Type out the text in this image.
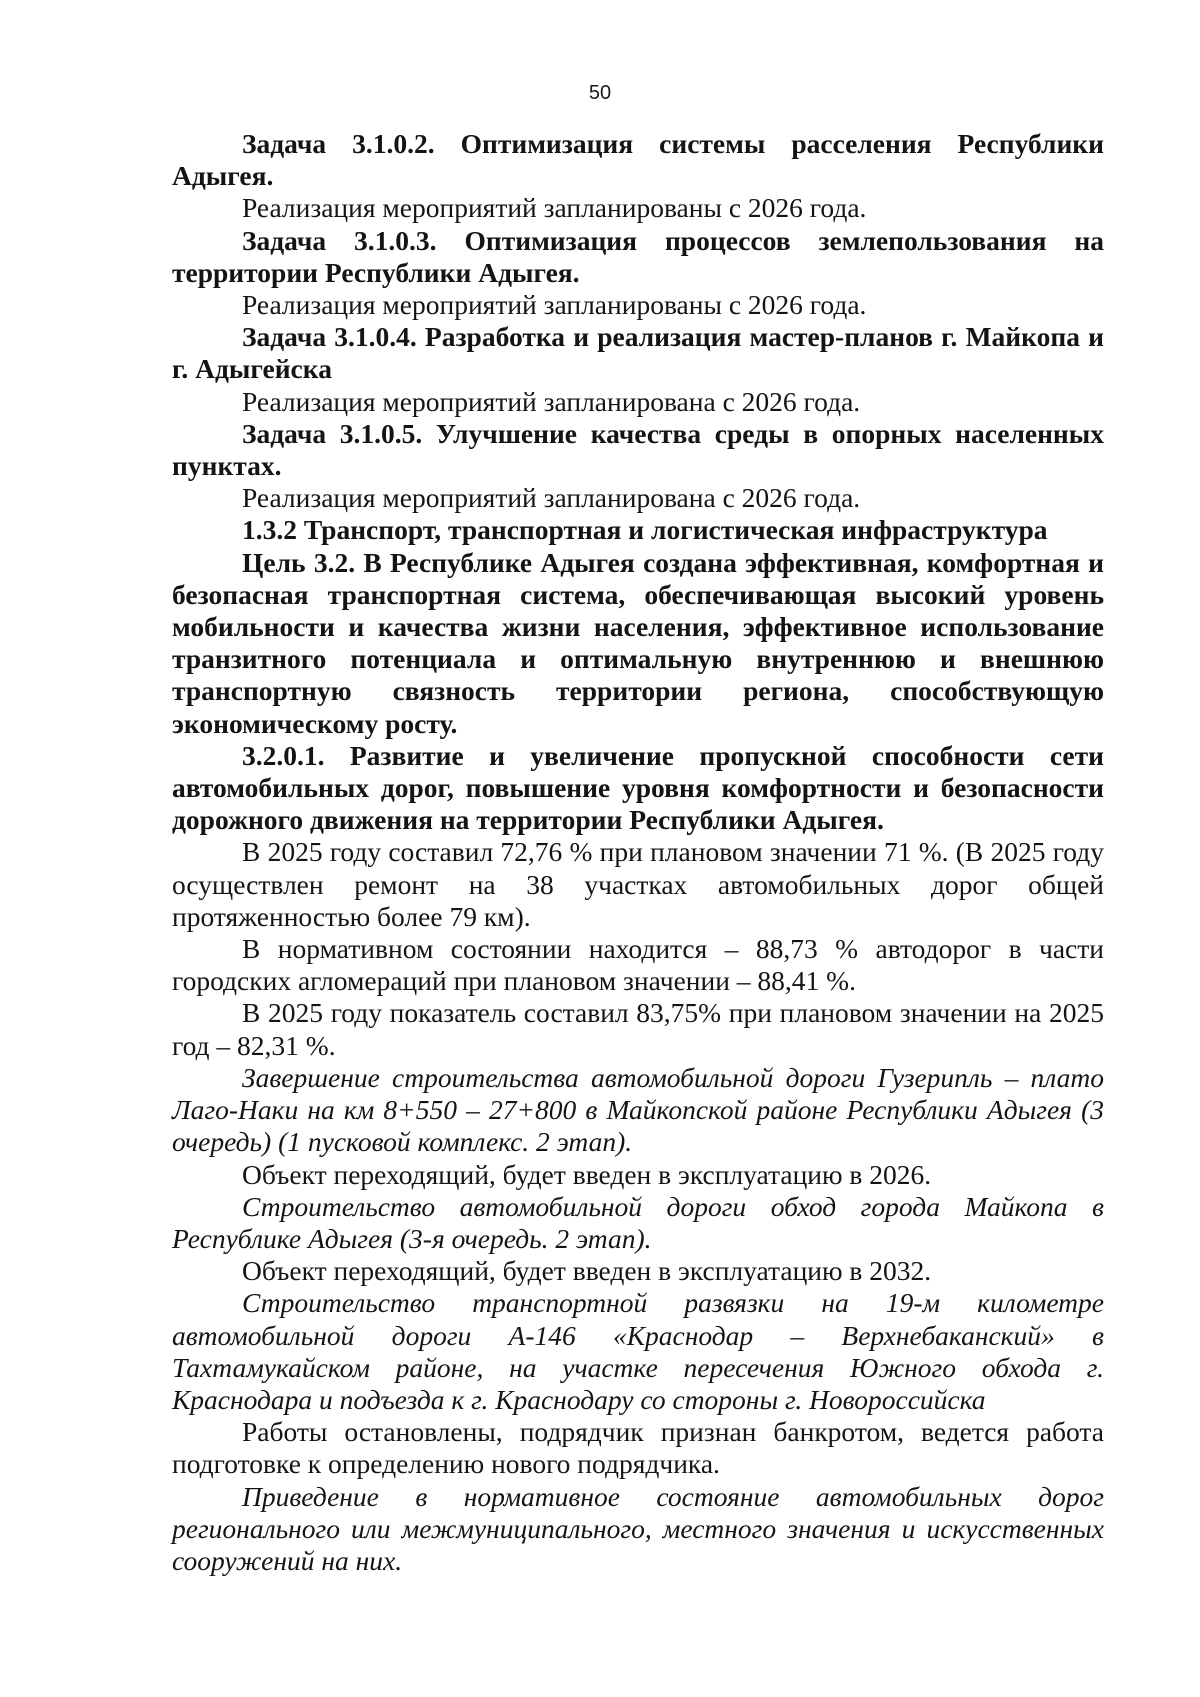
50

Задача 3.1.0.2. Оптимизация системы расселения Республики Адыгея.

Реализация мероприятий запланированы с 2026 года.

Задача 3.1.0.3. Оптимизация процессов землепользования на территории Республики Адыгея.

Реализация мероприятий запланированы с 2026 года.

Задача 3.1.0.4. Разработка и реализация мастер-планов г. Майкопа и г. Адыгейска

Реализация мероприятий запланирована с 2026 года.

Задача 3.1.0.5. Улучшение качества среды в опорных населенных пунктах.

Реализация мероприятий запланирована с 2026 года.

1.3.2 Транспорт, транспортная и логистическая инфраструктура

Цель 3.2. В Республике Адыгея создана эффективная, комфортная и безопасная транспортная система, обеспечивающая высокий уровень мобильности и качества жизни населения, эффективное использование транзитного потенциала и оптимальную внутреннюю и внешнюю транспортную связность территории региона, способствующую экономическому росту.

3.2.0.1. Развитие и увеличение пропускной способности сети автомобильных дорог, повышение уровня комфортности и безопасности дорожного движения на территории Республики Адыгея.

В 2025 году составил 72,76 % при плановом значении 71 %. (В 2025 году осуществлен ремонт на 38 участках автомобильных дорог общей протяженностью более 79 км).

В нормативном состоянии находится – 88,73 % автодорог в части городских агломераций при плановом значении – 88,41 %.

В 2025 году показатель составил 83,75% при плановом значении на 2025 год – 82,31 %.

Завершение строительства автомобильной дороги Гузерипль – плато Лаго-Наки на км 8+550 – 27+800 в Майкопской районе Республики Адыгея (3 очередь) (1 пусковой комплекс. 2 этап).

Объект переходящий, будет введен в эксплуатацию в 2026.

Строительство автомобильной дороги обход города Майкопа в Республике Адыгея (3-я очередь. 2 этап).

Объект переходящий, будет введен в эксплуатацию в 2032.

Строительство транспортной развязки на 19-м километре автомобильной дороги А-146 «Краснодар – Верхнебаканский» в Тахтамукайском районе, на участке пересечения Южного обхода г. Краснодара и подъезда к г. Краснодару со стороны г. Новороссийска

Работы остановлены, подрядчик признан банкротом, ведется работа подготовке к определению нового подрядчика.

Приведение в нормативное состояние автомобильных дорог регионального или межмуниципального, местного значения и искусственных сооружений на них.
